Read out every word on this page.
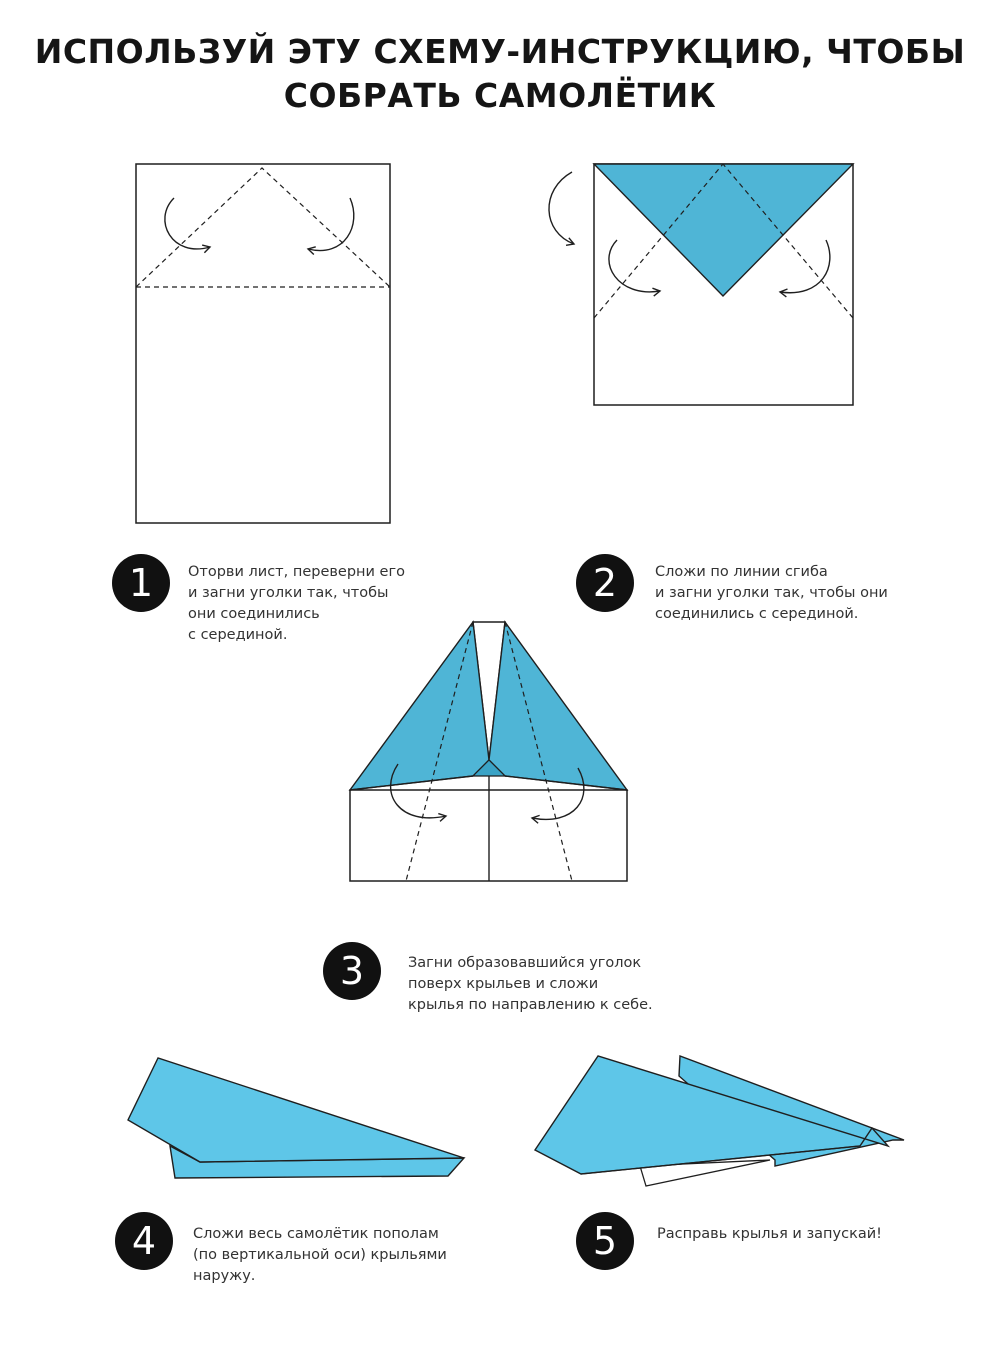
ИСПОЛЬЗУЙ ЭТУ СХЕМУ-ИНСТРУКЦИЮ, ЧТОБЫ
СОБРАТЬ САМОЛЁТИК
1	Оторви лист, переверни его
и загни уголки так, чтобы
они соединились
с серединой.
2	Сложи по линии сгиба
и загни уголки так, чтобы они
соединились с серединой.
3	Загни образовавшийся уголок
поверх крыльев и сложи
крылья по направлению к себе.
4	Сложи весь самолётик пополам
(по вертикальной оси) крыльями
наружу.
5	Расправь крылья и запускай!
